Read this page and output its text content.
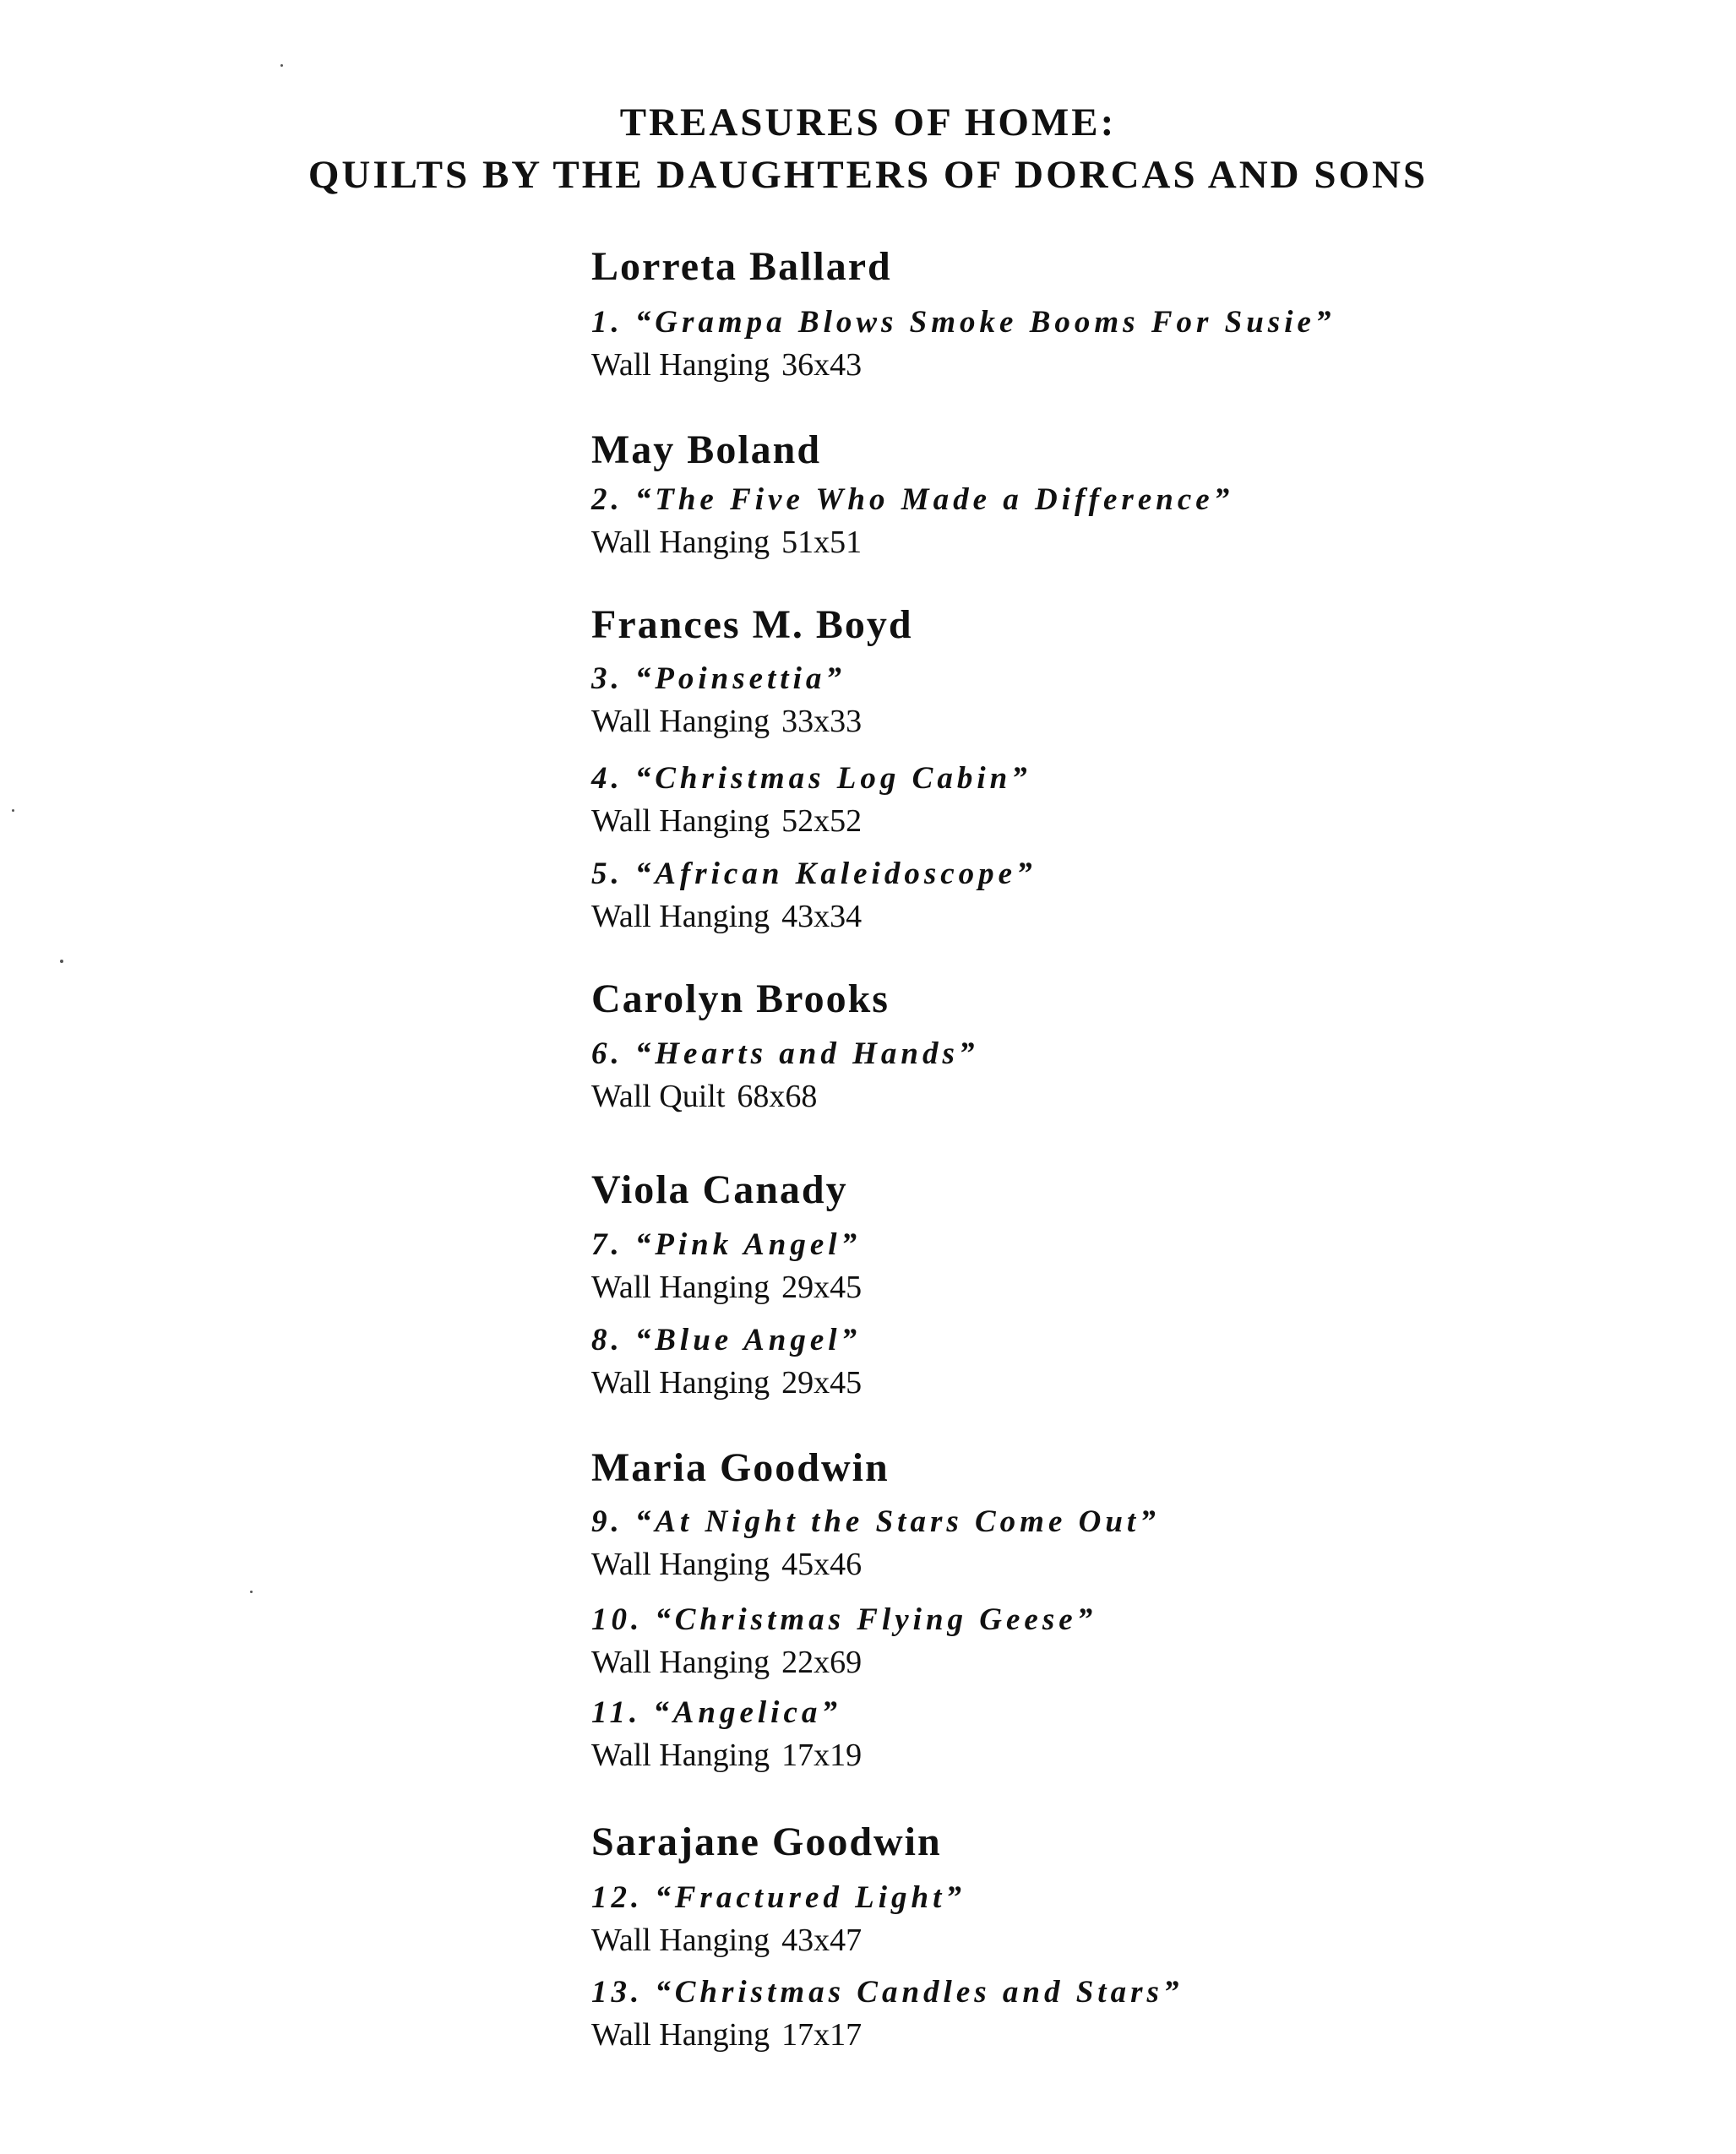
TREASURES OF HOME:
QUILTS BY THE DAUGHTERS OF DORCAS AND SONS
Lorreta Ballard
1. “Grampa Blows Smoke Booms For Susie”
Wall Hanging 36x43
May Boland
2. “The Five Who Made a Difference”
Wall Hanging 51x51
Frances M. Boyd
3. “Poinsettia”
Wall Hanging 33x33
4. “Christmas Log Cabin”
Wall Hanging 52x52
5. “African Kaleidoscope”
Wall Hanging 43x34
Carolyn Brooks
6. “Hearts and Hands”
Wall Quilt 68x68
Viola Canady
7. “Pink Angel”
Wall Hanging 29x45
8. “Blue Angel”
Wall Hanging 29x45
Maria Goodwin
9. “At Night the Stars Come Out”
Wall Hanging 45x46
10. “Christmas Flying Geese”
Wall Hanging 22x69
11. “Angelica”
Wall Hanging 17x19
Sarajane Goodwin
12. “Fractured Light”
Wall Hanging 43x47
13. “Christmas Candles and Stars”
Wall Hanging 17x17
